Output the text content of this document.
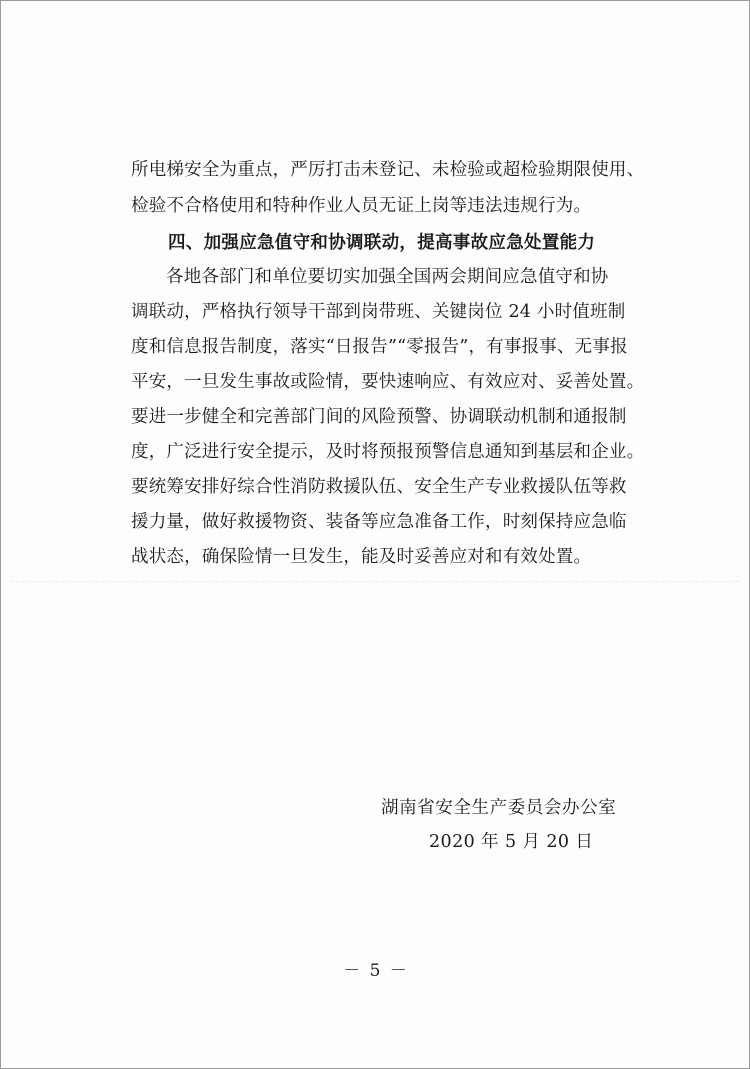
所电梯安全为重点，严厉打击未登记、未检验或超检验期限使用、
检验不合格使用和特种作业人员无证上岗等违法违规行为。
四、加强应急值守和协调联动，提高事故应急处置能力
各地各部门和单位要切实加强全国两会期间应急值守和协
调联动，严格执行领导干部到岗带班、关键岗位 24 小时值班制
度和信息报告制度，落实“日报告”“零报告”，有事报事、无事报
平安，一旦发生事故或险情，要快速响应、有效应对、妥善处置。
要进一步健全和完善部门间的风险预警、协调联动机制和通报制
度，广泛进行安全提示，及时将预报预警信息通知到基层和企业。
要统筹安排好综合性消防救援队伍、安全生产专业救援队伍等救
援力量，做好救援物资、装备等应急准备工作，时刻保持应急临
战状态，确保险情一旦发生，能及时妥善应对和有效处置。
湖南省安全生产委员会办公室
2020 年 5 月 20 日
－ 5 －
